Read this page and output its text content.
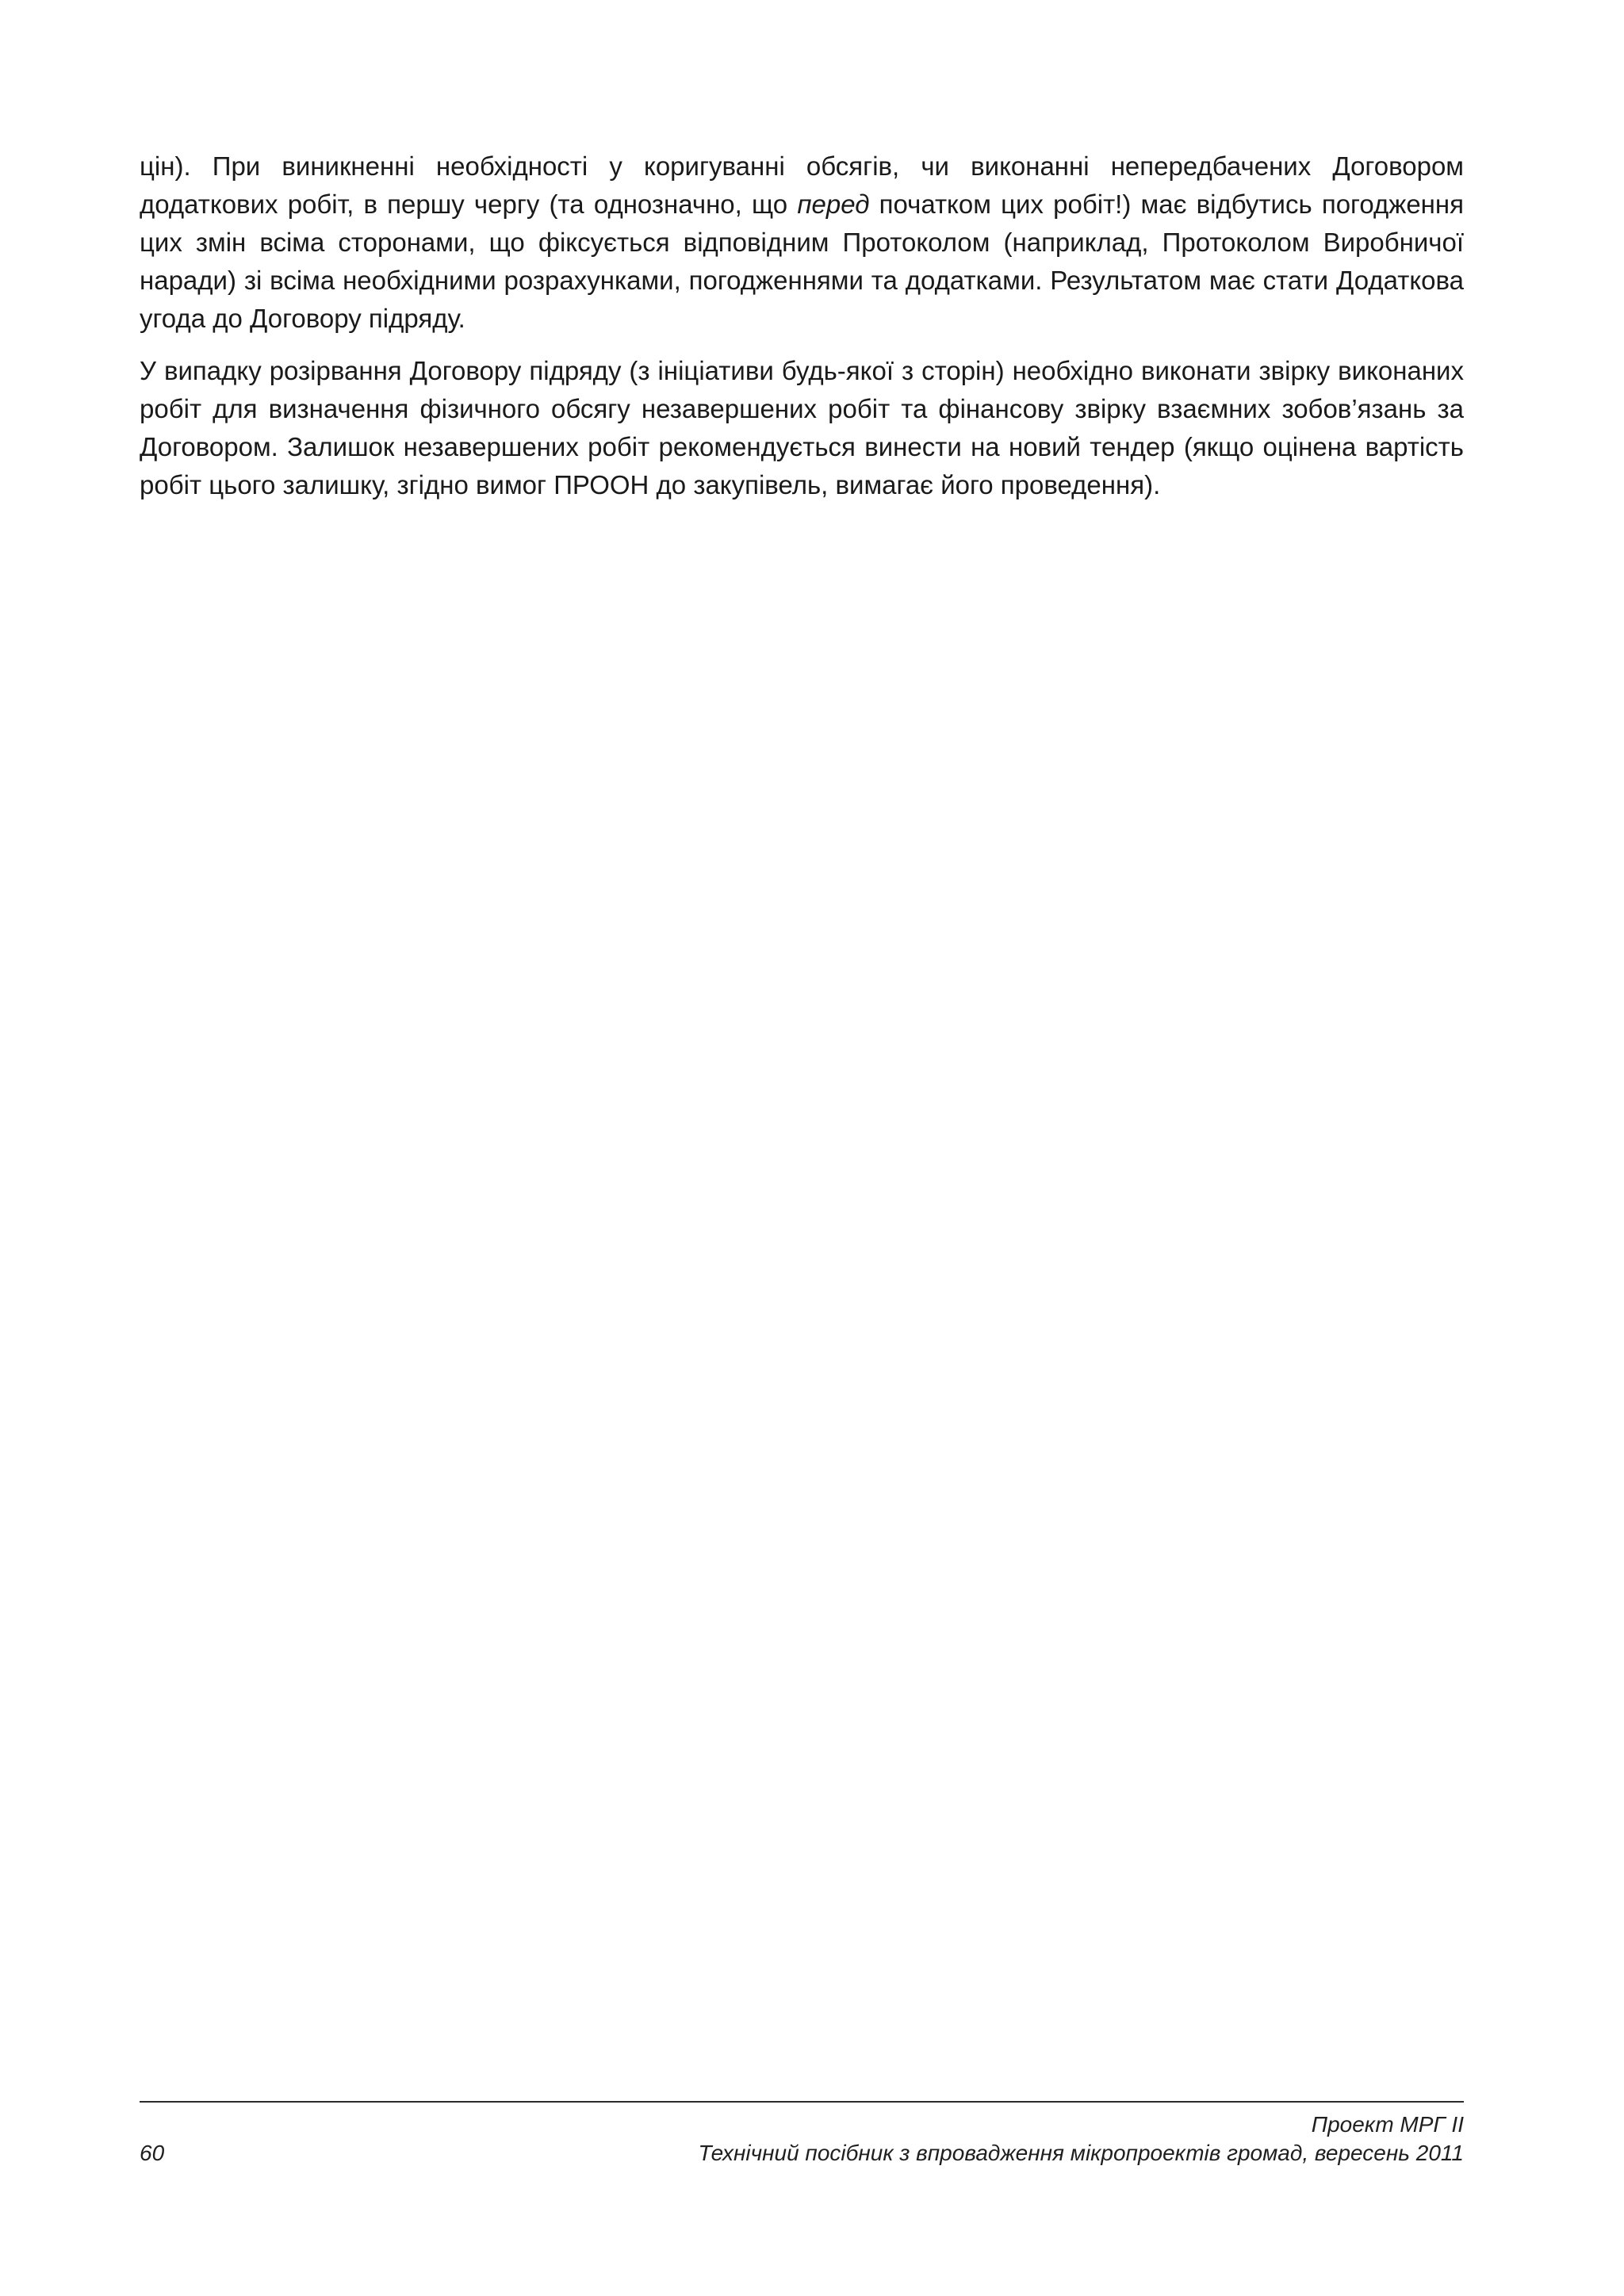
цін). При виникненні необхідності у коригуванні обсягів, чи виконанні непередбачених Договором додаткових робіт, в першу чергу (та однозначно, що перед початком цих робіт!) має відбутись погодження цих змін всіма сторонами, що фіксується відповідним Протоколом (наприклад, Протоколом Виробничої наради) зі всіма необхідними розрахунками, погодженнями та додатками. Результатом має стати Додаткова угода до Договору підряду.

У випадку розірвання Договору підряду (з ініціативи будь-якої з сторін) необхідно виконати звірку виконаних робіт для визначення фізичного обсягу незавершених робіт та фінансову звірку взаємних зобов’язань за Договором. Залишок незавершених робіт рекомендується винести на новий тендер (якщо оцінена вартість робіт цього залишку, згідно вимог ПРООН до закупівель, вимагає його проведення).

Проект МРГ ІІ
60	Технічний посібник з впровадження мікропроектів громад, вересень 2011
